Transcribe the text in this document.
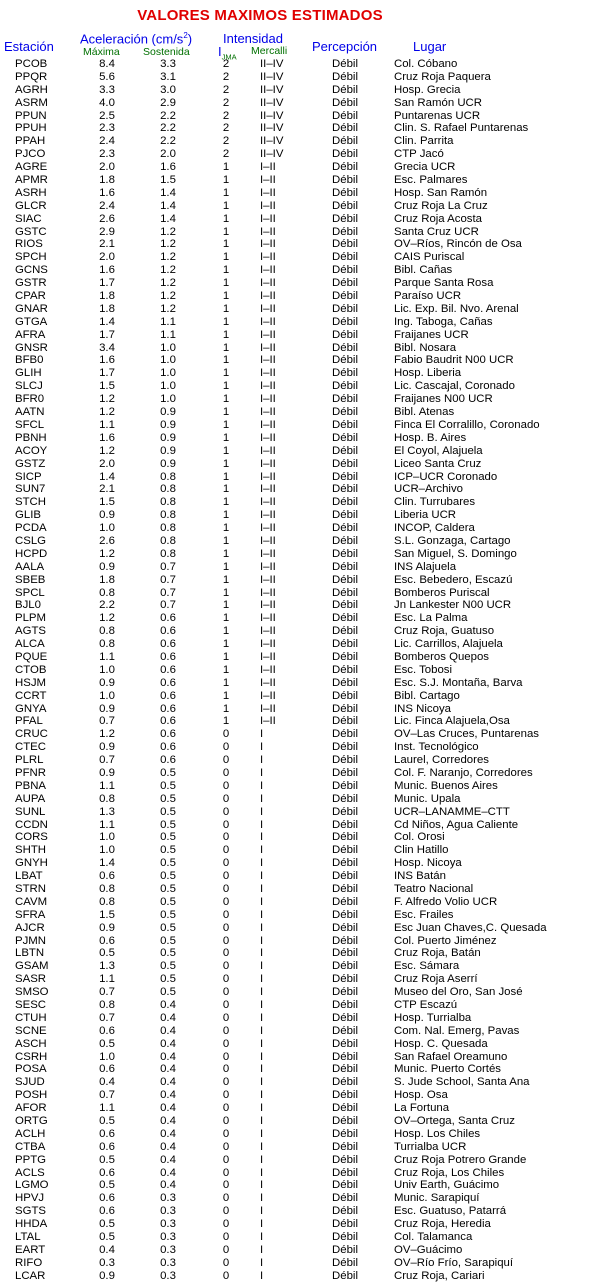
VALORES MAXIMOS ESTIMADOS
Estación
Aceleración $(cm/s^2)$
Máxima Sostenida
Intensidad
$I_{JMA}$
Mercalli Percepción	Lugar
PCOB	8.4	3.3	2	II–IV	Débil	Col. Cóbano
PPQR	5.6	3.1	2	II–IV	Débil	Cruz Roja Paquera
AGRH	3.3	3.0	2	II–IV	Débil	Hosp. Grecia
ASRM	4.0	2.9	2	II–IV	Débil	San Ramón UCR
PPUN	2.5	2.2	2	II–IV	Débil	Puntarenas UCR
PPUH	2.3	2.2	2	II–IV	Débil	Clin. S. Rafael Puntarenas
PPAH	2.4	2.2	2	II–IV	Débil	Clin. Parrita
PJCO	2.3	2.0	2	II–IV	Débil	CTP Jacó
AGRE	2.0	1.6	1	I–II	Débil	Grecia UCR
APMR	1.8	1.5	1	I–II	Débil	Esc. Palmares
ASRH	1.6	1.4	1	I–II	Débil	Hosp. San Ramón
GLCR	2.4	1.4	1	I–II	Débil	Cruz Roja La Cruz
SIAC	2.6	1.4	1	I–II	Débil	Cruz Roja Acosta
GSTC	2.9	1.2	1	I–II	Débil	Santa Cruz UCR
RIOS	2.1	1.2	1	I–II	Débil	OV–Ríos, Rincón de Osa
SPCH	2.0	1.2	1	I–II	Débil	CAIS Puriscal
GCNS	1.6	1.2	1	I–II	Débil	Bibl. Cañas
GSTR	1.7	1.2	1	I–II	Débil	Parque Santa Rosa
CPAR	1.8	1.2	1	I–II	Débil	Paraíso UCR
GNAR	1.8	1.2	1	I–II	Débil	Lic. Exp. Bil. Nvo. Arenal
GTGA	1.4	1.1	1	I–II	Débil	Ing. Taboga, Cañas
AFRA	1.7	1.1	1	I–II	Débil	Fraijanes UCR
GNSR	3.4	1.0	1	I–II	Débil	Bibl. Nosara
BFB0	1.6	1.0	1	I–II	Débil	Fabio Baudrit N00 UCR
GLIH	1.7	1.0	1	I–II	Débil	Hosp. Liberia
SLCJ	1.5	1.0	1	I–II	Débil	Lic. Cascajal, Coronado
BFR0	1.2	1.0	1	I–II	Débil	Fraijanes N00 UCR
AATN	1.2	0.9	1	I–II	Débil	Bibl. Atenas
SFCL	1.1	0.9	1	I–II	Débil	Finca El Corralillo, Coronado
PBNH	1.6	0.9	1	I–II	Débil	Hosp. B. Aires
ACOY	1.2	0.9	1	I–II	Débil	El Coyol, Alajuela
GSTZ	2.0	0.9	1	I–II	Débil	Liceo Santa Cruz
SICP	1.4	0.8	1	I–II	Débil	ICP–UCR Coronado
SUN7	2.1	0.8	1	I–II	Débil	UCR–Archivo
STCH	1.5	0.8	1	I–II	Débil	Clin. Turrubares
GLIB	0.9	0.8	1	I–II	Débil	Liberia UCR
PCDA	1.0	0.8	1	I–II	Débil	INCOP, Caldera
CSLG	2.6	0.8	1	I–II	Débil	S.L. Gonzaga, Cartago
HCPD	1.2	0.8	1	I–II	Débil	San Miguel, S. Domingo
AALA	0.9	0.7	1	I–II	Débil	INS Alajuela
SBEB	1.8	0.7	1	I–II	Débil	Esc. Bebedero, Escazú
SPCL	0.8	0.7	1	I–II	Débil	Bomberos Puriscal
BJL0	2.2	0.7	1	I–II	Débil	Jn Lankester N00 UCR
PLPM	1.2	0.6	1	I–II	Débil	Esc. La Palma
AGTS	0.8	0.6	1	I–II	Débil	Cruz Roja, Guatuso
ALCA	0.8	0.6	1	I–II	Débil	Lic. Carrillos, Alajuela
PQUE	1.1	0.6	1	I–II	Débil	Bomberos Quepos
CTOB	1.0	0.6	1	I–II	Débil	Esc. Tobosi
HSJM	0.9	0.6	1	I–II	Débil	Esc. S.J. Montaña, Barva
CCRT	1.0	0.6	1	I–II	Débil	Bibl. Cartago
GNYA	0.9	0.6	1	I–II	Débil	INS Nicoya
PFAL	0.7	0.6	1	I–II	Débil	Lic. Finca Alajuela,Osa
CRUC	1.2	0.6	0	I	Débil	OV–Las Cruces, Puntarenas
CTEC	0.9	0.6	0	I	Débil	Inst. Tecnológico
PLRL	0.7	0.6	0	I	Débil	Laurel, Corredores
PFNR	0.9	0.5	0	I	Débil	Col. F. Naranjo, Corredores
PBNA	1.1	0.5	0	I	Débil	Munic. Buenos Aires
AUPA	0.8	0.5	0	I	Débil	Munic. Upala
SUNL	1.3	0.5	0	I	Débil	UCR–LANAMME–CTT
CCDN	1.1	0.5	0	I	Débil	Cd Niños, Agua Caliente
CORS	1.0	0.5	0	I	Débil	Col. Orosi
SHTH	1.0	0.5	0	I	Débil	Clin Hatillo
GNYH	1.4	0.5	0	I	Débil	Hosp. Nicoya
LBAT	0.6	0.5	0	I	Débil	INS Batán
STRN	0.8	0.5	0	I	Débil	Teatro Nacional
CAVM	0.8	0.5	0	I	Débil	F. Alfredo Volio UCR
SFRA	1.5	0.5	0	I	Débil	Esc. Frailes
AJCR	0.9	0.5	0	I	Débil	Esc Juan Chaves,C. Quesada
PJMN	0.6	0.5	0	I	Débil	Col. Puerto Jiménez
LBTN	0.5	0.5	0	I	Débil	Cruz Roja, Batán
GSAM	1.3	0.5	0	I	Débil	Esc. Sámara
SASR	1.1	0.5	0	I	Débil	Cruz Roja Aserrí
SMSO	0.7	0.5	0	I	Débil	Museo del Oro, San José
SESC	0.8	0.4	0	I	Débil	CTP Escazú
CTUH	0.7	0.4	0	I	Débil	Hosp. Turrialba
SCNE	0.6	0.4	0	I	Débil	Com. Nal. Emerg, Pavas
ASCH	0.5	0.4	0	I	Débil	Hosp. C. Quesada
CSRH	1.0	0.4	0	I	Débil	San Rafael Oreamuno
POSA	0.6	0.4	0	I	Débil	Munic. Puerto Cortés
SJUD	0.4	0.4	0	I	Débil	S. Jude School, Santa Ana
POSH	0.7	0.4	0	I	Débil	Hosp. Osa
AFOR	1.1	0.4	0	I	Débil	La Fortuna
ORTG	0.5	0.4	0	I	Débil	OV–Ortega, Santa Cruz
ACLH	0.6	0.4	0	I	Débil	Hosp. Los Chiles
CTBA	0.6	0.4	0	I	Débil	Turrialba UCR
PPTG	0.5	0.4	0	I	Débil	Cruz Roja Potrero Grande
ACLS	0.6	0.4	0	I	Débil	Cruz Roja, Los Chiles
LGMO	0.5	0.4	0	I	Débil	Univ Earth, Guácimo
HPVJ	0.6	0.3	0	I	Débil	Munic. Sarapiquí
SGTS	0.6	0.3	0	I	Débil	Esc. Guatuso, Patarrá
HHDA	0.5	0.3	0	I	Débil	Cruz Roja, Heredia
LTAL	0.5	0.3	0	I	Débil	Col. Talamanca
EART	0.4	0.3	0	I	Débil	OV–Guácimo
RIFO	0.3	0.3	0	I	Débil	OV–Río Frío, Sarapiquí
LCAR	0.9	0.3	0	I	Débil	Cruz Roja, Cariari
